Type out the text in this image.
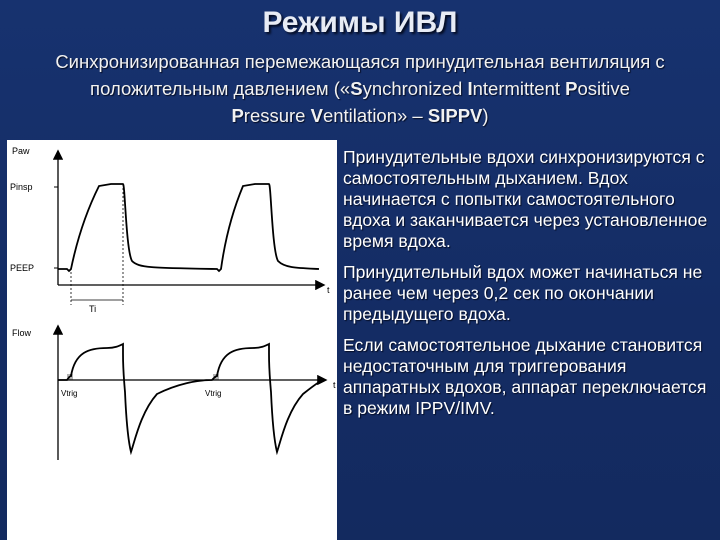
Режимы ИВЛ
Синхронизированная перемежающаяся принудительная вентиляция с
положительным давлением («Synchronized Intermittent Positive
Pressure Ventilation» – SIPPV)
Paw
Pinsp
PEEP
t
Ti
Flow
t
Vtrig	Vtrig

Принудительные вдохи синхронизируются с самостоятельным дыханием. Вдох начинается с попытки самостоятельного вдоха и заканчивается через установленное время вдоха.

Принудительный вдох может начинаться не ранее чем через 0,2 сек по окончании предыдущего вдоха.

Если самостоятельное дыхание становится недостаточным для триггерования аппаратных вдохов, аппарат переключается в режим IPPV/IMV.
